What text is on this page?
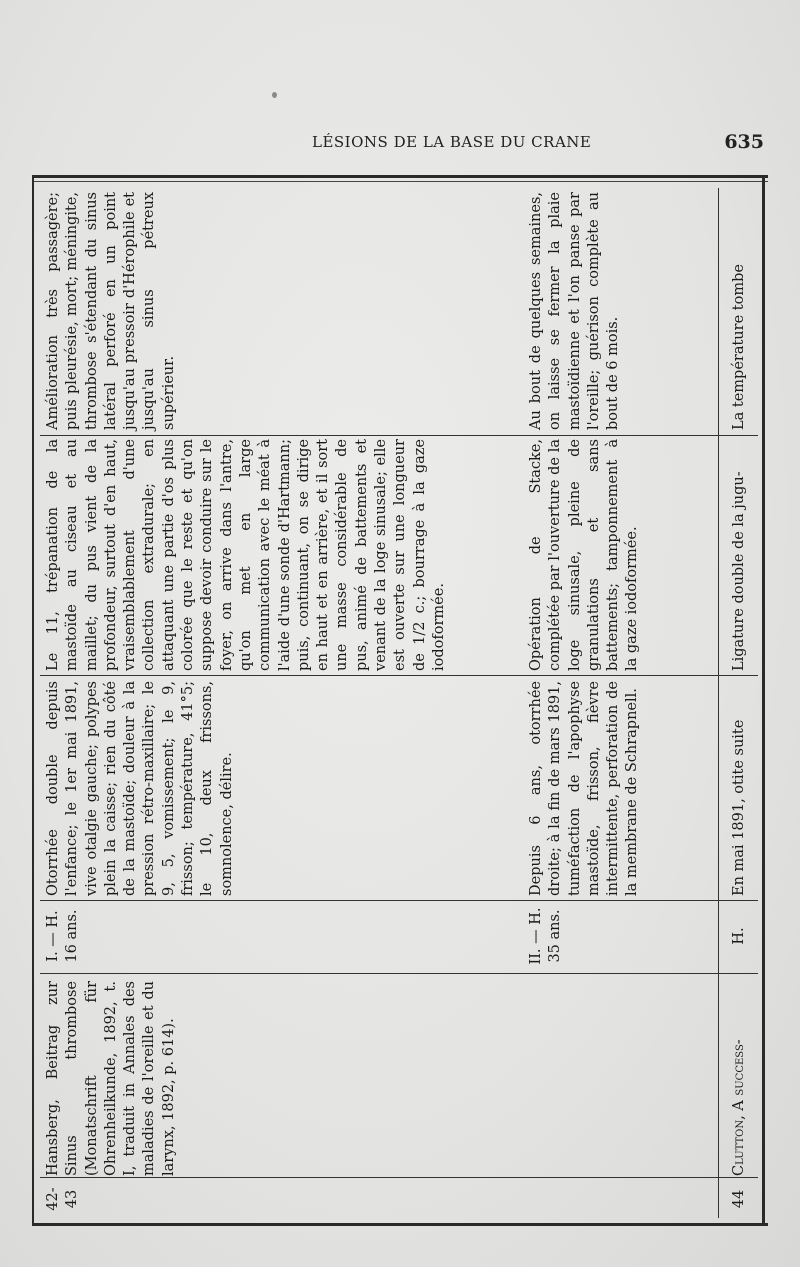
LÉSIONS DE LA BASE DU CRANE	635
42-43

Hansberg, Beitrag zur Sinus thrombose (Monatschrift für Ohrenheilkunde, 1892, t. I, traduit in Annales des maladies de l'oreille et du larynx, 1892, p. 614).

I. — H. 16 ans.
Otorrhée double depuis l'enfance; le 1er mai 1891, vive otalgie gauche; polypes plein la caisse; rien du côté de la mastoïde; douleur à la pression rétro-maxillaire; le 9, 5, vomissement; le 9, frisson; température, 41°5; le 10, deux frissons, somnolence, délire.
Le 11, trépanation de la mastoïde au ciseau et au maillet; du pus vient de la profondeur, surtout d'en haut, vraisemblablement d'une collection extradurale; en attaquant une partie d'os plus colorée que le reste et qu'on suppose devoir conduire sur le foyer, on arrive dans l'antre, qu'on met en large communication avec le méat à l'aide d'une sonde d'Hartmann; puis, continuant, on se dirige en haut et en arrière, et il sort une masse considérable de pus, animé de battements et venant de la loge sinusale; elle est ouverte sur une longueur de 1/2 c.; bourrage à la gaze iodoformée.
Amélioration très passagère; puis pleurésie, mort; méningite, thrombose s'étendant du sinus latéral perforé en un point jusqu'au pressoir d'Hérophile et jusqu'au sinus pétreux supérieur.
II. — H. 35 ans.
Depuis 6 ans, otorrhée droite; à la fin de mars 1891, tuméfaction de l'apophyse mastoïde, frisson, fièvre intermittente, perforation de la membrane de Schrapnell.
Opération de Stacke, complétée par l'ouverture de la loge sinusale, pleine de granulations et sans battements; tamponnement à la gaze iodoformée.
Au bout de quelques semaines, on laisse se fermer la plaie mastoïdienne et l'on panse par l'oreille; guérison complète au bout de 6 mois.
44
Clutton, A success-
H.
En mai 1891, otite suite
Ligature double de la jugu-
La température tombe
